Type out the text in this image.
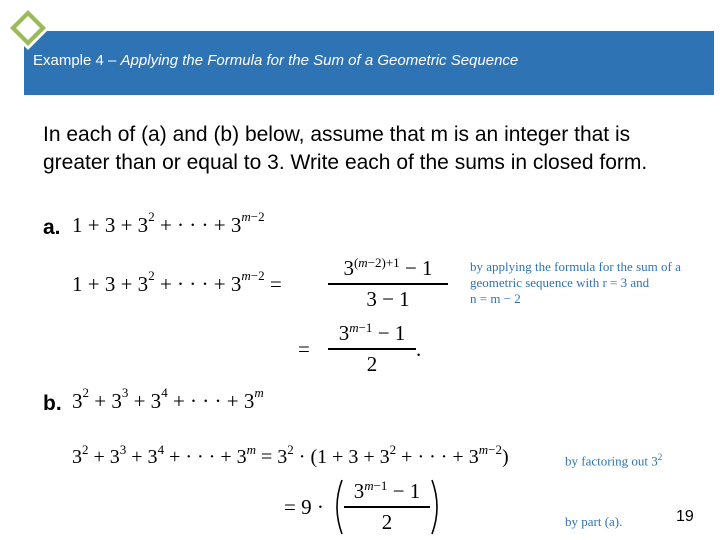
Example 4 – Applying the Formula for the Sum of a Geometric Sequence
In each of (a) and (b) below, assume that m is an integer that is greater than or equal to 3. Write each of the sums in closed form.
a. $1 + 3 + 3^2$ + · · · + $3^{m-2}$
$1 + 3 + 3^2$ + · · · + $3^{m-2}$ =
$3^{(m-2)+1} - 1$
3 − 1
=
$3^{m-1} - 1$
2
.
by applying the formula for the sum of a
geometric sequence with r = 3 and
n = m − 2
b. $3^2 + 3^3 + 3^4$ + · · · + $3^m$
$3^2 + 3^3 + 3^4$ + · · · + $3^m = 3^2 \cdot (1 + 3 + 3^2$ + · · · + $3^{m-2}$)	by factoring out $3^2$
= 9 ·
$3^{m-1} - 1$
2	by part (a).	19
